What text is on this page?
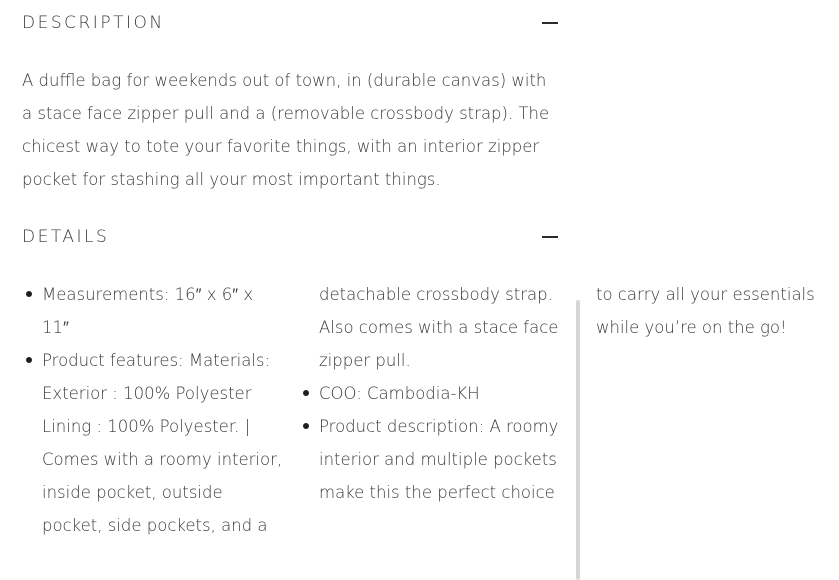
DESCRIPTION
A duffle bag for weekends out of town, in (durable canvas) with a stace face zipper pull and a (removable crossbody strap). The chicest way to tote your favorite things, with an interior zipper pocket for stashing all your most important things.
DETAILS
Measurements: 16″ x 6″ x 11″
Product features: Materials: Exterior : 100% Polyester Lining : 100% Polyester. | Comes with a roomy interior, inside pocket, outside pocket, side pockets, and a detachable crossbody strap. Also comes with a stace face zipper pull.
COO: Cambodia-KH
Product description: A roomy interior and multiple pockets make this the perfect choice to carry all your essentials while you’re on the go!
